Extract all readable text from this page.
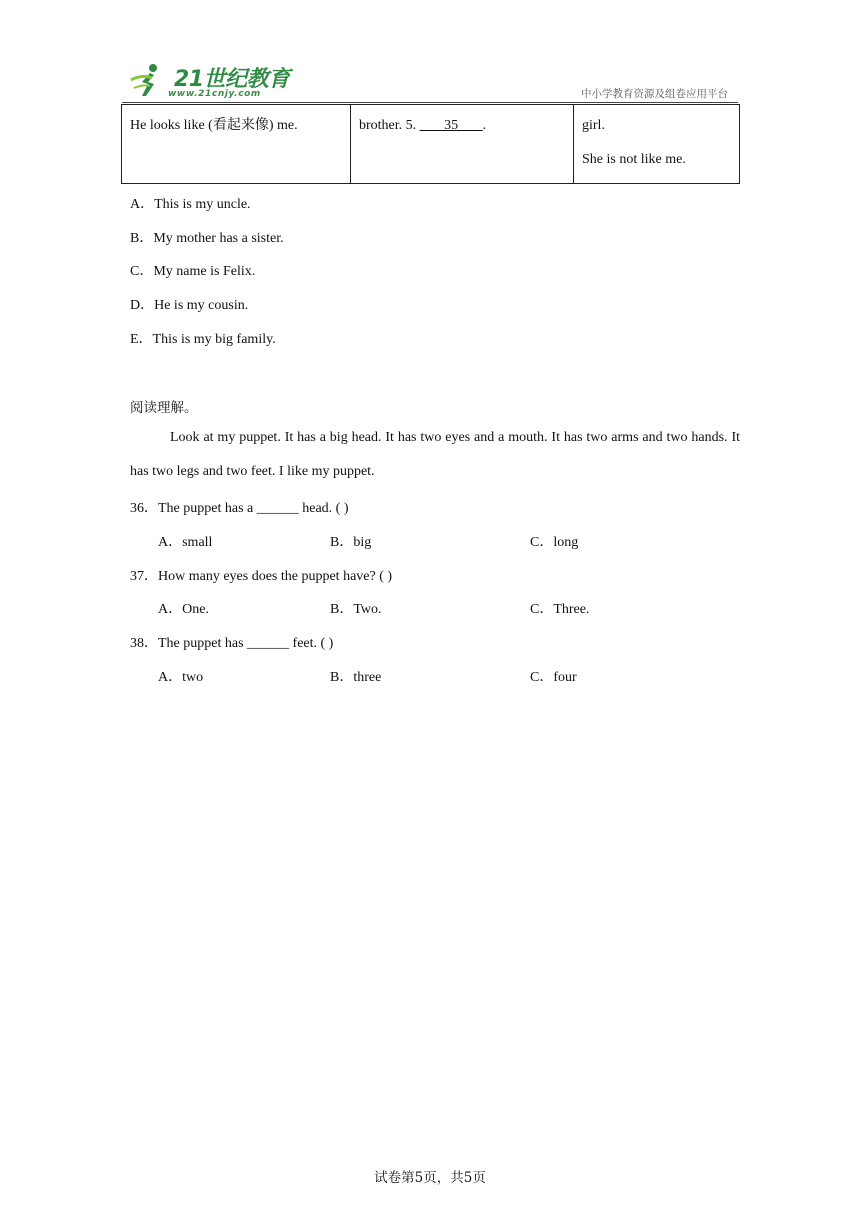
21世纪教育
www.21cnjy.com	中小学教育资源及组卷应用平台

He looks like (看起来像) me.	brother. 5.        35       .	girl.

She is not like me.

A．This is my uncle.
B．My mother has a sister.
C．My name is Felix.
D．He is my cousin.
E．This is my big family.
阅读理解。
Look at my puppet. It has a big head. It has two eyes and a mouth. It has two arms and two hands. It has two legs and two feet. I like my puppet.
36．The puppet has a ______ head. ( )
A．small	B．big	C．long
37．How many eyes does the puppet have? ( )
A．One.	B．Two.	C．Three.
38．The puppet has ______ feet. ( )
A．two	B．three	C．four
试卷第5页，共5页
